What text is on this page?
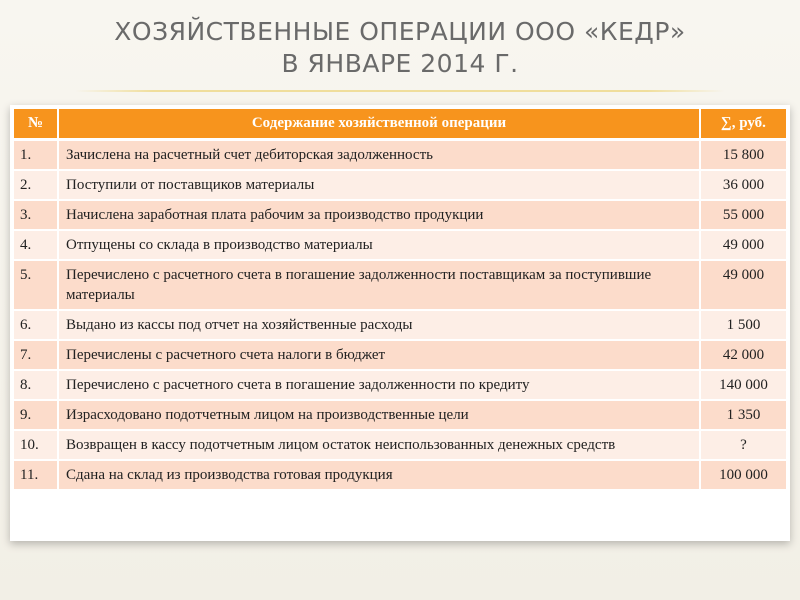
ХОЗЯЙСТВЕННЫЕ ОПЕРАЦИИ ООО «КЕДР»
В ЯНВАРЕ 2014 Г.
№	Содержание хозяйственной операции	∑, руб.
1.	Зачислена на расчетный счет дебиторская задолженность	15 800
2.	Поступили от поставщиков материалы	36 000
3.	Начислена заработная плата рабочим за производство продукции	55 000
4.	Отпущены со склада в производство материалы	49 000
5.	Перечислено с расчетного счета в погашение задолженности поставщикам за поступившие материалы	49 000
6.	Выдано из кассы под отчет на хозяйственные расходы	1 500
7.	Перечислены с расчетного счета налоги в бюджет	42 000
8.	Перечислено с расчетного счета в погашение задолженности по кредиту	140 000
9.	Израсходовано подотчетным лицом на производственные цели	1 350
10.	Возвращен в кассу подотчетным лицом остаток неиспользованных денежных средств	?
11.	Сдана на склад из производства готовая продукция	100 000
